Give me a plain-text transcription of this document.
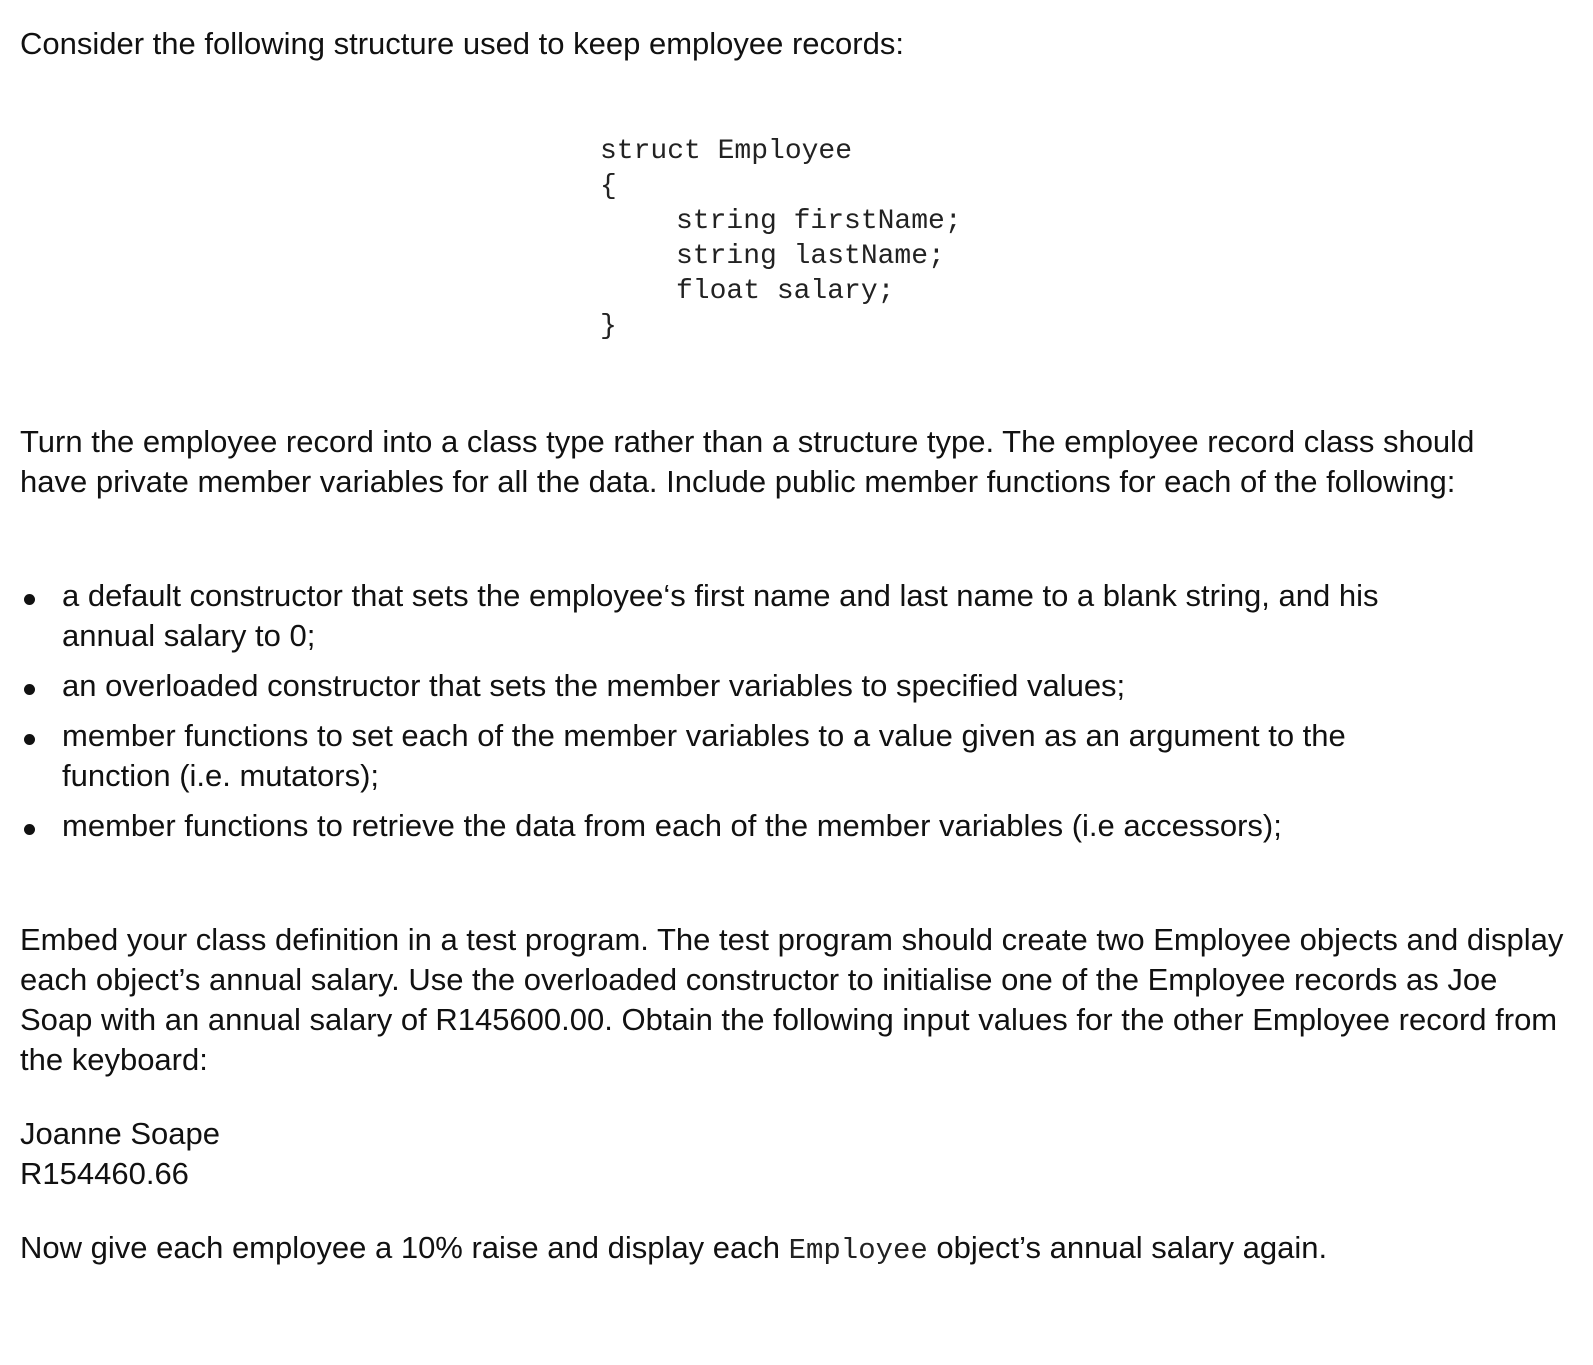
Consider the following structure used to keep employee records:

struct Employee
{
string firstName;
string lastName;
float salary;
}

Turn the employee record into a class type rather than a structure type. The employee record class should have private member variables for all the data. Include public member functions for each of the following:

a default constructor that sets the employee‘s first name and last name to a blank string, and his annual salary to 0;
an overloaded constructor that sets the member variables to specified values;
member functions to set each of the member variables to a value given as an argument to the function (i.e. mutators);
member functions to retrieve the data from each of the member variables (i.e accessors);

Embed your class definition in a test program. The test program should create two Employee objects and display each object’s annual salary. Use the overloaded constructor to initialise one of the Employee records as Joe Soap with an annual salary of R145600.00. Obtain the following input values for the other Employee record from the keyboard:

Joanne Soape
R154460.66

Now give each employee a 10% raise and display each Employee object’s annual salary again.
